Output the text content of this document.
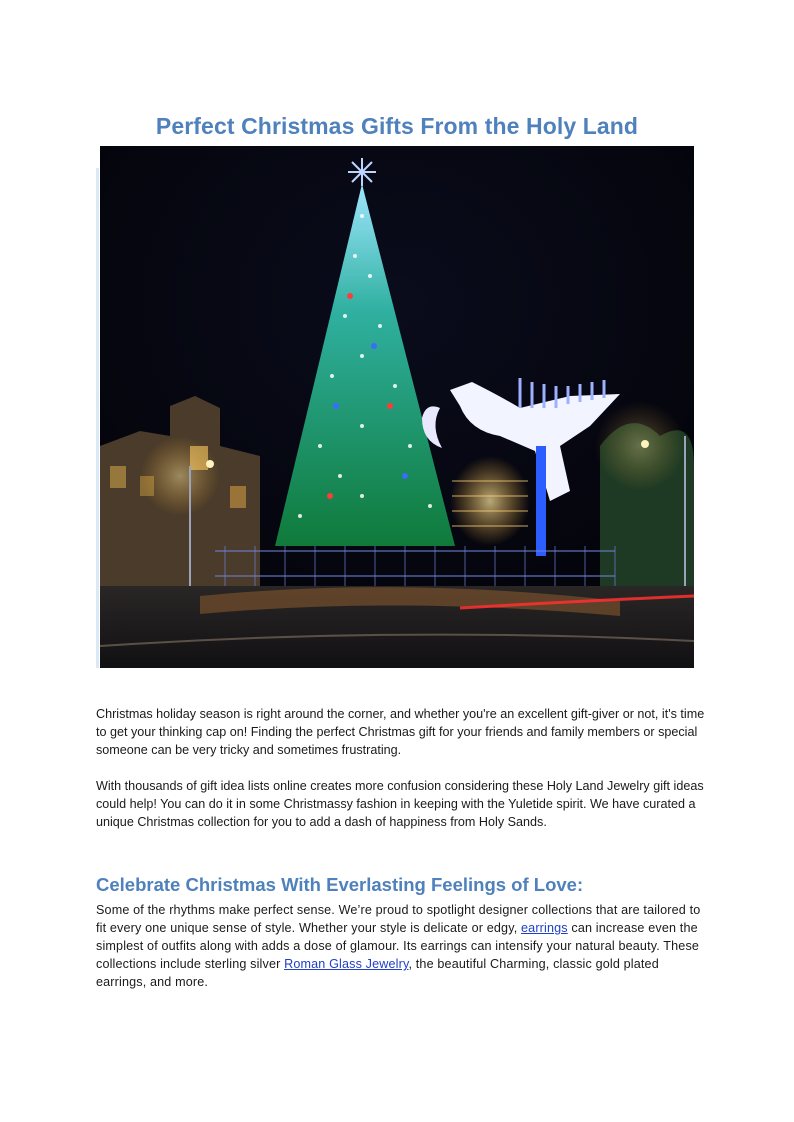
Perfect Christmas Gifts From the Holy Land

Christmas holiday season is right around the corner, and whether you're an excellent gift-giver or not, it's time to get your thinking cap on! Finding the perfect Christmas gift for your friends and family members or special someone can be very tricky and sometimes frustrating.

With thousands of gift idea lists online creates more confusion considering these Holy Land Jewelry gift ideas could help! You can do it in some Christmassy fashion in keeping with the Yuletide spirit. We have curated a unique Christmas collection for you to add a dash of happiness from Holy Sands.

Celebrate Christmas With Everlasting Feelings of Love:

Some of the rhythms make perfect sense. We’re proud to spotlight designer collections that are tailored to fit every one unique sense of style. Whether your style is delicate or edgy, earrings can increase even the simplest of outfits along with adds a dose of glamour. Its earrings can intensify your natural beauty. These collections include sterling silver Roman Glass Jewelry, the beautiful Charming, classic gold plated earrings, and more.
